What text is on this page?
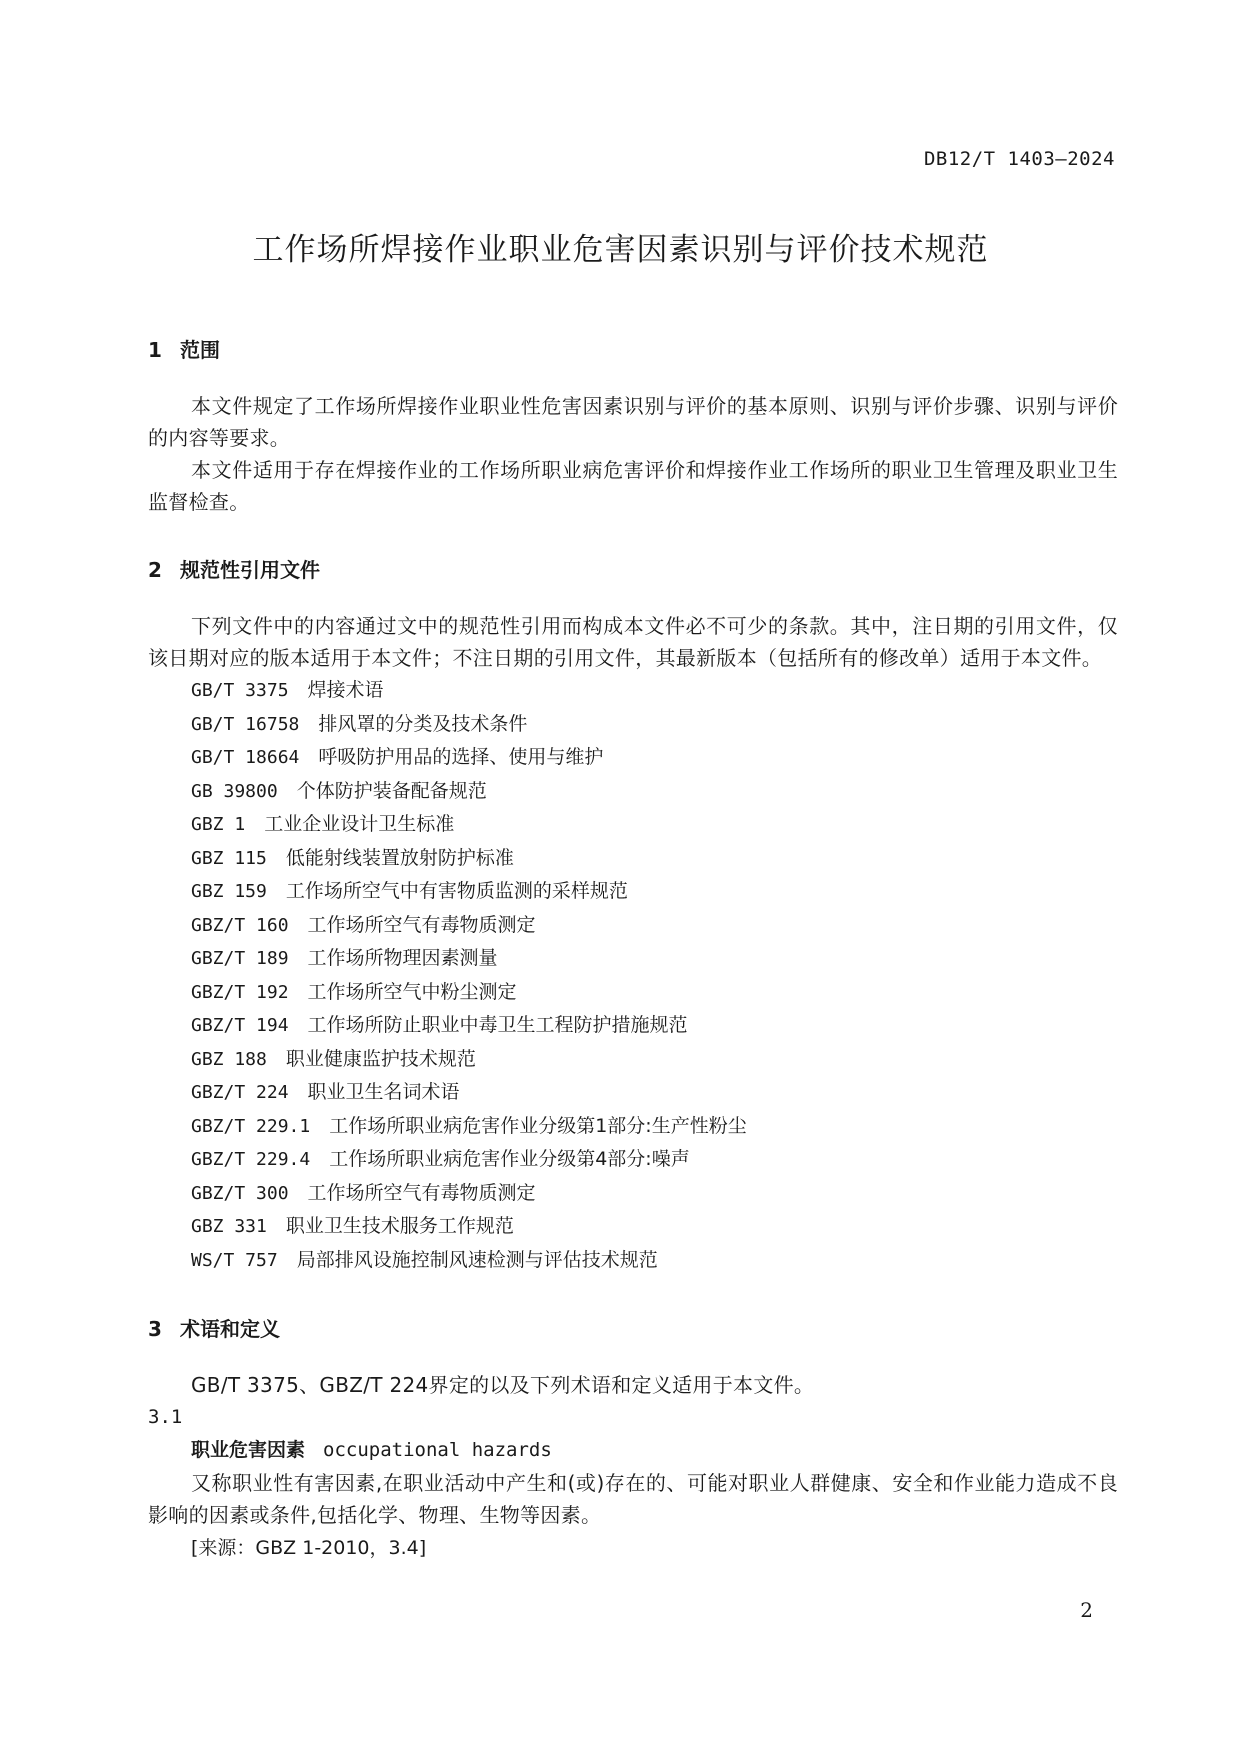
DB12/T 1403—2024
工作场所焊接作业职业危害因素识别与评价技术规范

1 范围

本文件规定了工作场所焊接作业职业性危害因素识别与评价的基本原则、识别与评价步骤、识别与评价的内容等要求。

本文件适用于存在焊接作业的工作场所职业病危害评价和焊接作业工作场所的职业卫生管理及职业卫生监督检查。

2 规范性引用文件

下列文件中的内容通过文中的规范性引用而构成本文件必不可少的条款。其中，注日期的引用文件，仅该日期对应的版本适用于本文件；不注日期的引用文件，其最新版本（包括所有的修改单）适用于本文件。

GB/T 3375  焊接术语
GB/T 16758  排风罩的分类及技术条件
GB/T 18664  呼吸防护用品的选择、使用与维护
GB 39800  个体防护装备配备规范
GBZ 1  工业企业设计卫生标准
GBZ 115  低能射线装置放射防护标准
GBZ 159  工作场所空气中有害物质监测的采样规范
GBZ/T 160  工作场所空气有毒物质测定
GBZ/T 189  工作场所物理因素测量
GBZ/T 192  工作场所空气中粉尘测定
GBZ/T 194  工作场所防止职业中毒卫生工程防护措施规范
GBZ 188  职业健康监护技术规范
GBZ/T 224  职业卫生名词术语
GBZ/T 229.1  工作场所职业病危害作业分级第1部分:生产性粉尘
GBZ/T 229.4  工作场所职业病危害作业分级第4部分:噪声
GBZ/T 300  工作场所空气有毒物质测定
GBZ 331  职业卫生技术服务工作规范
WS/T 757  局部排风设施控制风速检测与评估技术规范

3 术语和定义

GB/T 3375、GBZ/T 224界定的以及下列术语和定义适用于本文件。

3.1

职业危害因素 occupational hazards

又称职业性有害因素,在职业活动中产生和(或)存在的、可能对职业人群健康、安全和作业能力造成不良影响的因素或条件,包括化学、物理、生物等因素。

[来源：GBZ 1-2010，3.4]

2
